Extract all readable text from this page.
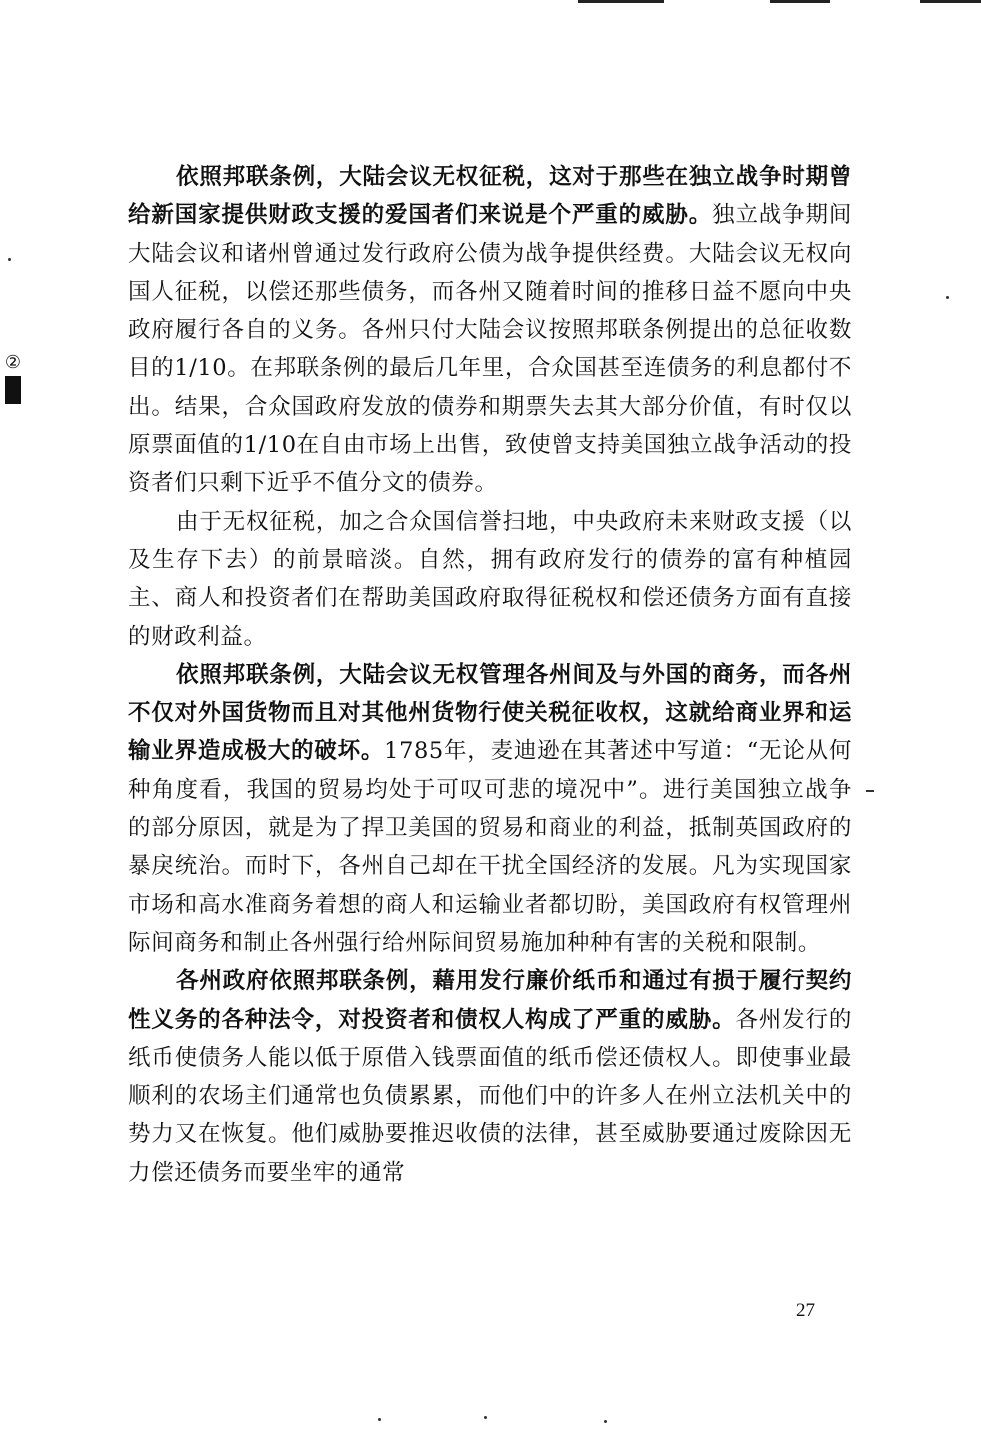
②

依照邦联条例，大陆会议无权征税，这对于那些在独立战争时期曾给新国家提供财政支援的爱国者们来说是个严重的威胁。独立战争期间大陆会议和诸州曾通过发行政府公债为战争提供经费。大陆会议无权向国人征税，以偿还那些债务，而各州又随着时间的推移日益不愿向中央政府履行各自的义务。各州只付大陆会议按照邦联条例提出的总征收数目的1/10。在邦联条例的最后几年里，合众国甚至连债务的利息都付不出。结果，合众国政府发放的债券和期票失去其大部分价值，有时仅以原票面值的1/10在自由市场上出售，致使曾支持美国独立战争活动的投资者们只剩下近乎不值分文的债券。

由于无权征税，加之合众国信誉扫地，中央政府未来财政支援（以及生存下去）的前景暗淡。自然，拥有政府发行的债券的富有种植园主、商人和投资者们在帮助美国政府取得征税权和偿还债务方面有直接的财政利益。

依照邦联条例，大陆会议无权管理各州间及与外国的商务，而各州不仅对外国货物而且对其他州货物行使关税征收权，这就给商业界和运输业界造成极大的破坏。1785年，麦迪逊在其著述中写道：“无论从何种角度看，我国的贸易均处于可叹可悲的境况中”。进行美国独立战争的部分原因，就是为了捍卫美国的贸易和商业的利益，抵制英国政府的暴戾统治。而时下，各州自己却在干扰全国经济的发展。凡为实现国家市场和高水准商务着想的商人和运输业者都切盼，美国政府有权管理州际间商务和制止各州强行给州际间贸易施加种种有害的关税和限制。

各州政府依照邦联条例，藉用发行廉价纸币和通过有损于履行契约性义务的各种法令，对投资者和债权人构成了严重的威胁。各州发行的纸币使债务人能以低于原借入钱票面值的纸币偿还债权人。即使事业最顺利的农场主们通常也负债累累，而他们中的许多人在州立法机关中的势力又在恢复。他们威胁要推迟收债的法律，甚至威胁要通过废除因无力偿还债务而要坐牢的通常

27
